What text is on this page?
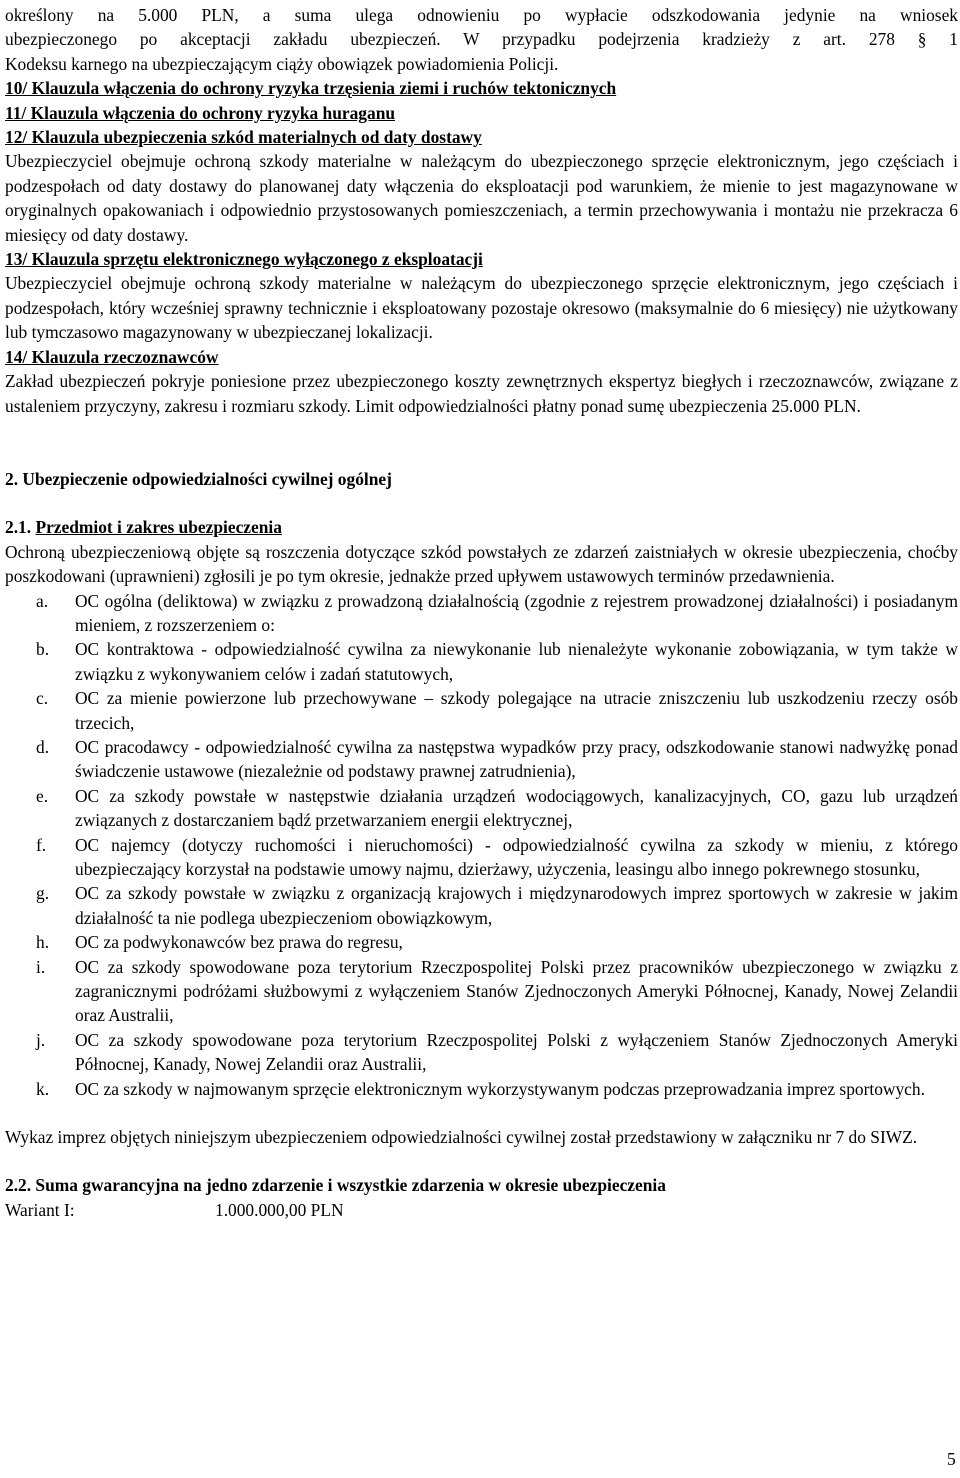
określony na 5.000 PLN, a suma ulega odnowieniu po wypłacie odszkodowania jedynie na wniosek

ubezpieczonego po akceptacji zakładu ubezpieczeń. W przypadku podejrzenia kradzieży z art. 278 § 1

Kodeksu karnego na ubezpieczającym ciąży obowiązek powiadomienia Policji.

10/ Klauzula włączenia do ochrony ryzyka trzęsienia ziemi i ruchów tektonicznych

11/ Klauzula włączenia do ochrony ryzyka huraganu

12/ Klauzula ubezpieczenia szkód materialnych od daty dostawy

Ubezpieczyciel obejmuje ochroną szkody materialne w należącym do ubezpieczonego sprzęcie elektronicznym, jego częściach i podzespołach od daty dostawy do planowanej daty włączenia do eksploatacji pod warunkiem, że mienie to jest magazynowane w oryginalnych opakowaniach i odpowiednio przystosowanych pomieszczeniach, a termin przechowywania i montażu nie przekracza 6 miesięcy od daty dostawy.

13/ Klauzula sprzętu elektronicznego wyłączonego z eksploatacji

Ubezpieczyciel obejmuje ochroną szkody materialne w należącym do ubezpieczonego sprzęcie elektronicznym, jego częściach i podzespołach, który wcześniej sprawny technicznie i eksploatowany pozostaje okresowo (maksymalnie do 6 miesięcy) nie użytkowany lub tymczasowo magazynowany w ubezpieczanej lokalizacji.

14/ Klauzula rzeczoznawców

Zakład ubezpieczeń pokryje poniesione przez ubezpieczonego koszty zewnętrznych ekspertyz biegłych i rzeczoznawców, związane z ustaleniem przyczyny, zakresu i rozmiaru szkody. Limit odpowiedzialności płatny ponad sumę ubezpieczenia 25.000 PLN.

2. Ubezpieczenie odpowiedzialności cywilnej ogólnej

2.1. Przedmiot i zakres ubezpieczenia

Ochroną ubezpieczeniową objęte są roszczenia dotyczące szkód powstałych ze zdarzeń zaistniałych w okresie ubezpieczenia, choćby poszkodowani (uprawnieni) zgłosili je po tym okresie, jednakże przed upływem ustawowych terminów przedawnienia.

a. OC ogólna (deliktowa) w związku z prowadzoną działalnością (zgodnie z rejestrem prowadzonej działalności) i posiadanym mieniem, z rozszerzeniem o:
b. OC kontraktowa - odpowiedzialność cywilna za niewykonanie lub nienależyte wykonanie zobowiązania, w tym także w związku z wykonywaniem celów i zadań statutowych,
c. OC za mienie powierzone lub przechowywane – szkody polegające na utracie zniszczeniu lub uszkodzeniu rzeczy osób trzecich,
d. OC pracodawcy - odpowiedzialność cywilna za następstwa wypadków przy pracy, odszkodowanie stanowi nadwyżkę ponad świadczenie ustawowe (niezależnie od podstawy prawnej zatrudnienia),
e. OC za szkody powstałe w następstwie działania urządzeń wodociągowych, kanalizacyjnych, CO, gazu lub urządzeń związanych z dostarczaniem bądź przetwarzaniem energii elektrycznej,
f. OC najemcy (dotyczy ruchomości i nieruchomości) - odpowiedzialność cywilna za szkody w mieniu, z którego ubezpieczający korzystał na podstawie umowy najmu, dzierżawy, użyczenia, leasingu albo innego pokrewnego stosunku,
g. OC za szkody powstałe w związku z organizacją krajowych i międzynarodowych imprez sportowych w zakresie w jakim działalność ta nie podlega ubezpieczeniom obowiązkowym,
h. OC za podwykonawców bez prawa do regresu,
i. OC za szkody spowodowane poza terytorium Rzeczpospolitej Polski przez pracowników ubezpieczonego w związku z zagranicznymi podróżami służbowymi z wyłączeniem Stanów Zjednoczonych Ameryki Północnej, Kanady, Nowej Zelandii oraz Australii,
j. OC za szkody spowodowane poza terytorium Rzeczpospolitej Polski z wyłączeniem Stanów Zjednoczonych Ameryki Północnej, Kanady, Nowej Zelandii oraz Australii,
k. OC za szkody w najmowanym sprzęcie elektronicznym wykorzystywanym podczas przeprowadzania imprez sportowych.

Wykaz imprez objętych niniejszym ubezpieczeniem odpowiedzialności cywilnej został przedstawiony w załączniku nr 7 do SIWZ.

2.2. Suma gwarancyjna na jedno zdarzenie i wszystkie zdarzenia w okresie ubezpieczenia

Wariant I:	1.000.000,00 PLN

5
